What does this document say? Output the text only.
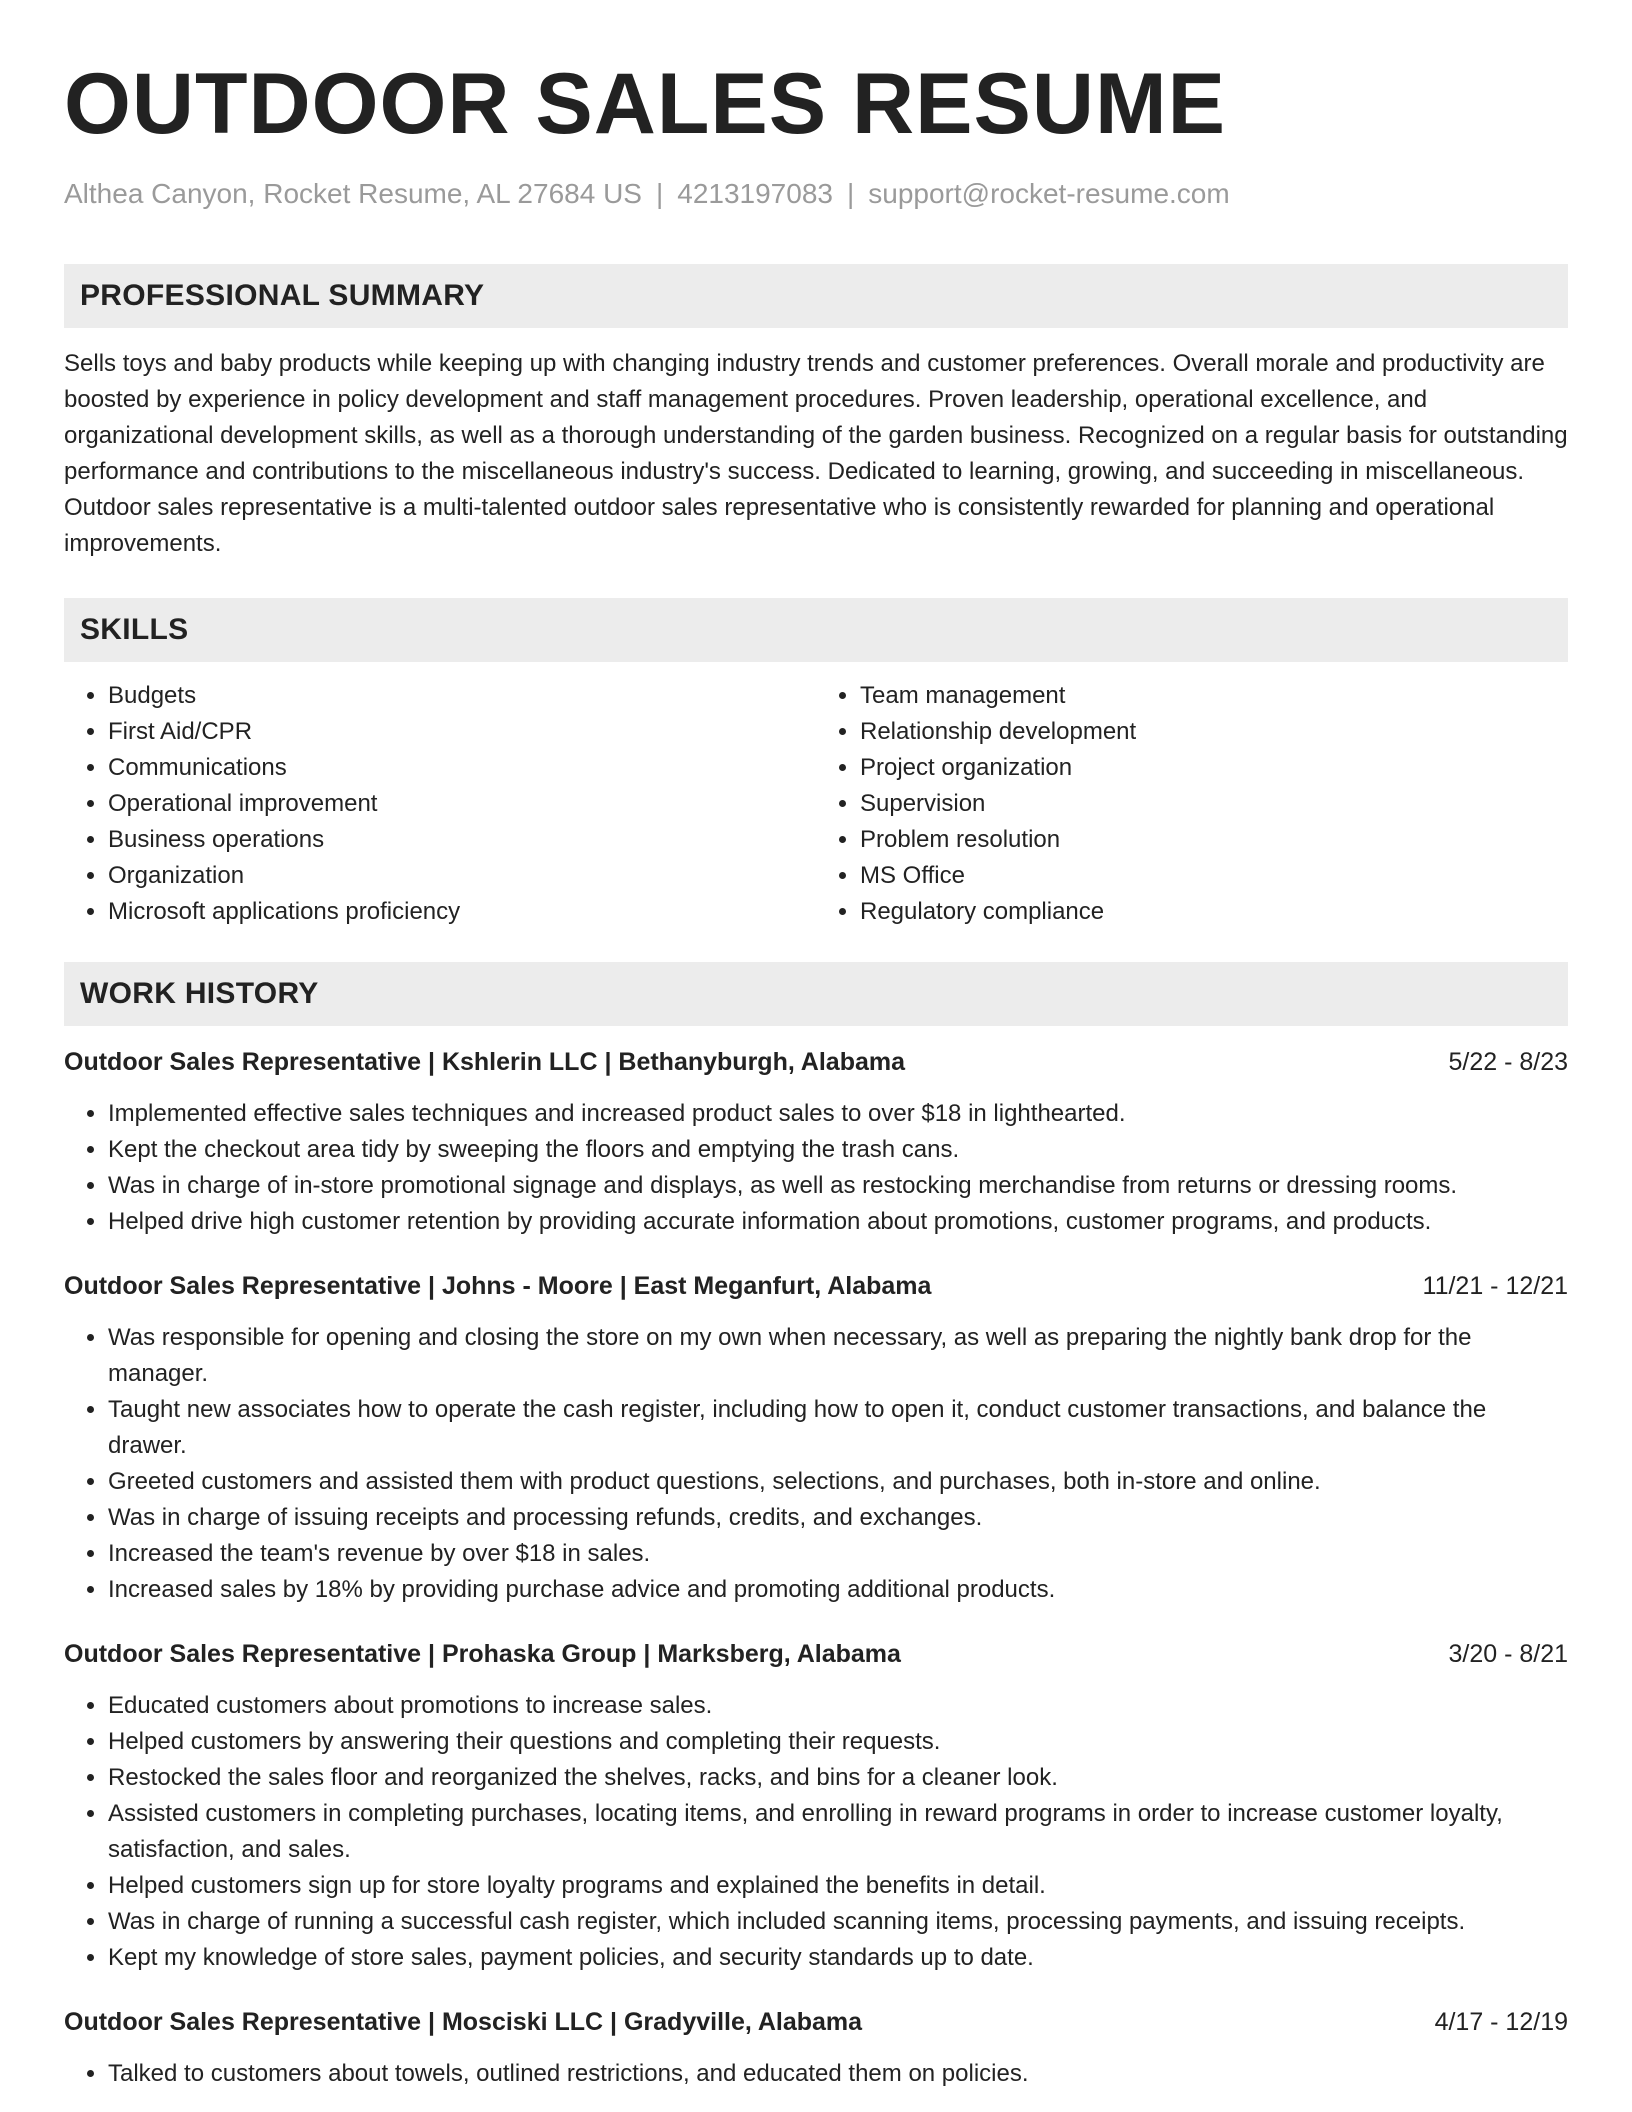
OUTDOOR SALES RESUME
Althea Canyon, Rocket Resume, AL 27684 US | 4213197083 | support@rocket-resume.com
PROFESSIONAL SUMMARY

Sells toys and baby products while keeping up with changing industry trends and customer preferences. Overall morale and productivity are boosted by experience in policy development and staff management procedures. Proven leadership, operational excellence, and organizational development skills, as well as a thorough understanding of the garden business. Recognized on a regular basis for outstanding performance and contributions to the miscellaneous industry's success. Dedicated to learning, growing, and succeeding in miscellaneous. Outdoor sales representative is a multi-talented outdoor sales representative who is consistently rewarded for planning and operational improvements.

SKILLS
• Budgets
• First Aid/CPR
• Communications
• Operational improvement
• Business operations
• Organization
• Microsoft applications proficiency
• Team management
• Relationship development
• Project organization
• Supervision
• Problem resolution
• MS Office
• Regulatory compliance
WORK HISTORY
Outdoor Sales Representative | Kshlerin LLC | Bethanyburgh, Alabama	5/22 - 8/23
• Implemented effective sales techniques and increased product sales to over $18 in lighthearted.
• Kept the checkout area tidy by sweeping the floors and emptying the trash cans.
• Was in charge of in-store promotional signage and displays, as well as restocking merchandise from returns or dressing rooms.
• Helped drive high customer retention by providing accurate information about promotions, customer programs, and products.
Outdoor Sales Representative | Johns - Moore | East Meganfurt, Alabama	11/21 - 12/21
• Was responsible for opening and closing the store on my own when necessary, as well as preparing the nightly bank drop for the manager.
• Taught new associates how to operate the cash register, including how to open it, conduct customer transactions, and balance the drawer.
• Greeted customers and assisted them with product questions, selections, and purchases, both in-store and online.
• Was in charge of issuing receipts and processing refunds, credits, and exchanges.
• Increased the team's revenue by over $18 in sales.
• Increased sales by 18% by providing purchase advice and promoting additional products.
Outdoor Sales Representative | Prohaska Group | Marksberg, Alabama	3/20 - 8/21
• Educated customers about promotions to increase sales.
• Helped customers by answering their questions and completing their requests.
• Restocked the sales floor and reorganized the shelves, racks, and bins for a cleaner look.
• Assisted customers in completing purchases, locating items, and enrolling in reward programs in order to increase customer loyalty, satisfaction, and sales.
• Helped customers sign up for store loyalty programs and explained the benefits in detail.
• Was in charge of running a successful cash register, which included scanning items, processing payments, and issuing receipts.
• Kept my knowledge of store sales, payment policies, and security standards up to date.
Outdoor Sales Representative | Mosciski LLC | Gradyville, Alabama	4/17 - 12/19
• Talked to customers about towels, outlined restrictions, and educated them on policies.
